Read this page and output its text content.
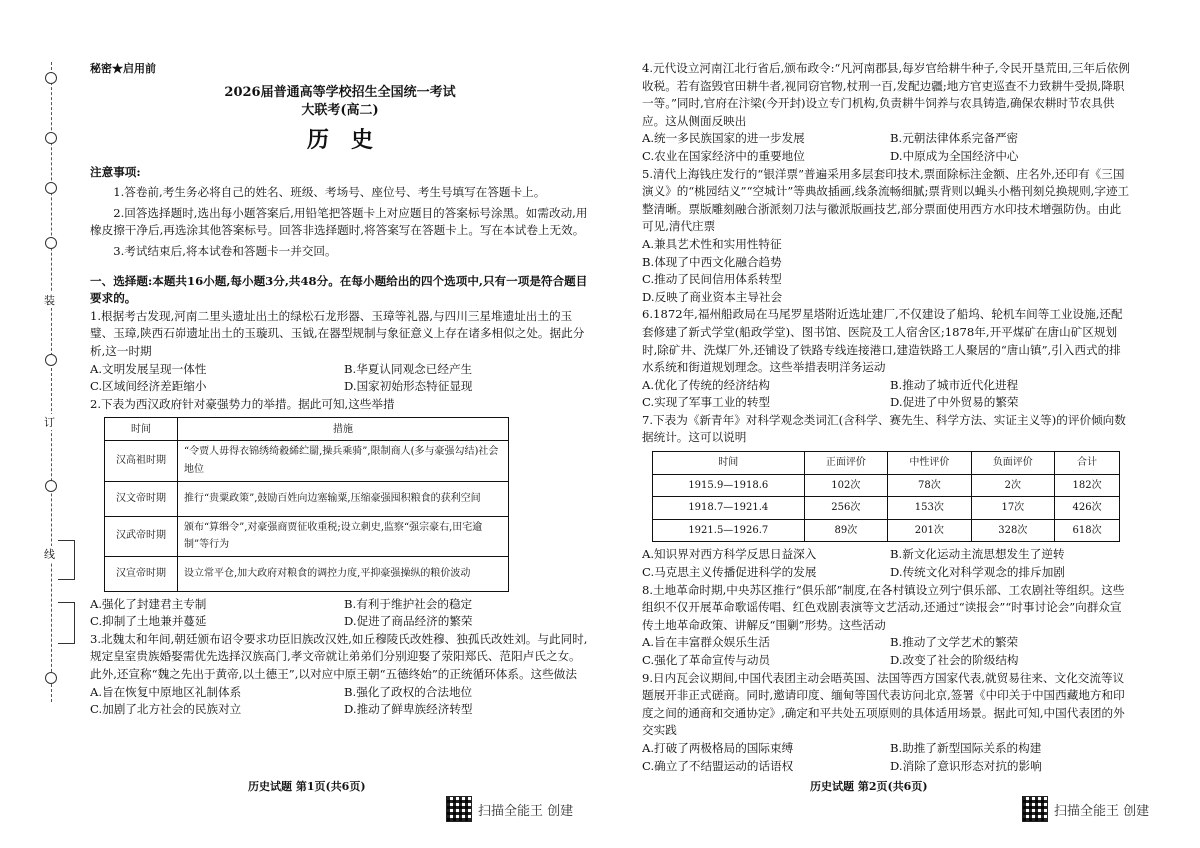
装
订
线
秘密★启用前
2026届普通高等学校招生全国统一考试
大联考(高二)
历史
注意事项:
1.答卷前,考生务必将自己的姓名、班级、考场号、座位号、考生号填写在答题卡上。
2.回答选择题时,选出每小题答案后,用铅笔把答题卡上对应题目的答案标号涂黑。如需改动,用橡皮擦干净后,再选涂其他答案标号。回答非选择题时,将答案写在答题卡上。写在本试卷上无效。
3.考试结束后,将本试卷和答题卡一并交回。
一、选择题:本题共16小题,每小题3分,共48分。在每小题给出的四个选项中,只有一项是符合题目要求的。
1.根据考古发现,河南二里头遗址出土的绿松石龙形器、玉璋等礼器,与四川三星堆遗址出土的玉璧、玉璋,陕西石峁遗址出土的玉璇玑、玉钺,在器型规制与象征意义上存在诸多相似之处。据此分析,这一时期
A.文明发展呈现一体性	B.华夏认同观念已经产生
C.区域间经济差距缩小	D.国家初始形态特征显现
2.下表为西汉政府针对豪强势力的举措。据此可知,这些举措
时间	措施
汉高祖时期	“令贾人毋得衣锦绣绮縠絺纻罽,操兵乘骑”,限制商人(多与豪强勾结)社会地位
汉文帝时期	推行“贵粟政策”,鼓励百姓向边塞输粟,压缩豪强囤积粮食的获利空间
汉武帝时期	颁布“算缗令”,对豪强商贾征收重税;设立刺史,监察“强宗豪右,田宅逾制”等行为
汉宣帝时期	设立常平仓,加大政府对粮食的调控力度,平抑豪强操纵的粮价波动
A.强化了封建君主专制	B.有利于维护社会的稳定
C.抑制了土地兼并蔓延	D.促进了商品经济的繁荣
3.北魏太和年间,朝廷颁布诏令要求功臣旧族改汉姓,如丘穆陵氏改姓穆、独孤氏改姓刘。与此同时,规定皇室贵族婚娶需优先选择汉族高门,孝文帝就让弟弟们分别迎娶了荥阳郑氏、范阳卢氏之女。此外,还宣称“魏之先出于黄帝,以土德王”,以对应中原王朝“五德终始”的正统循环体系。这些做法
A.旨在恢复中原地区礼制体系	B.强化了政权的合法地位
C.加剧了北方社会的民族对立	D.推动了鲜卑族经济转型
历史试题 第1页(共6页)
4.元代设立河南江北行省后,颁布政令:“凡河南郡县,每岁官给耕牛种子,令民开垦荒田,三年后依例收税。若有盗毁官田耕牛者,视同窃官物,杖刑一百,发配边疆;地方官吏巡查不力致耕牛受损,降职一等。”同时,官府在汴梁(今开封)设立专门机构,负责耕牛饲养与农具铸造,确保农耕时节农具供应。这从侧面反映出
A.统一多民族国家的进一步发展	B.元朝法律体系完备严密
C.农业在国家经济中的重要地位	D.中原成为全国经济中心
5.清代上海钱庄发行的“银洋票”普遍采用多层套印技术,票面除标注金额、庄名外,还印有《三国演义》的“桃园结义”“空城计”等典故插画,线条流畅细腻;票背则以蝇头小楷刊刻兑换规则,字迹工整清晰。票版雕刻融合浙派刻刀法与徽派版画技艺,部分票面使用西方水印技术增强防伪。由此可见,清代庄票
A.兼具艺术性和实用性特征
B.体现了中西文化融合趋势
C.推动了民间信用体系转型
D.反映了商业资本主导社会
6.1872年,福州船政局在马尾罗星塔附近选址建厂,不仅建设了船坞、轮机车间等工业设施,还配套修建了新式学堂(船政学堂)、图书馆、医院及工人宿舍区;1878年,开平煤矿在唐山矿区规划时,除矿井、洗煤厂外,还铺设了铁路专线连接港口,建造铁路工人聚居的“唐山镇”,引入西式的排水系统和街道规划理念。这些举措表明洋务运动
A.优化了传统的经济结构	B.推动了城市近代化进程
C.实现了军事工业的转型	D.促进了中外贸易的繁荣
7.下表为《新青年》对科学观念类词汇(含科学、赛先生、科学方法、实证主义等)的评价倾向数据统计。这可以说明
时间	正面评价	中性评价	负面评价	合计
1915.9—1918.6	102次	78次	2次	182次
1918.7—1921.4	256次	153次	17次	426次
1921.5—1926.7	89次	201次	328次	618次
A.知识界对西方科学反思日益深入	B.新文化运动主流思想发生了逆转
C.马克思主义传播促进科学的发展	D.传统文化对科学观念的排斥加剧
8.土地革命时期,中央苏区推行“俱乐部”制度,在各村镇设立列宁俱乐部、工农剧社等组织。这些组织不仅开展革命歌谣传唱、红色戏剧表演等文艺活动,还通过“读报会”“时事讨论会”向群众宣传土地革命政策、讲解反“围剿”形势。这些活动
A.旨在丰富群众娱乐生活	B.推动了文学艺术的繁荣
C.强化了革命宣传与动员	D.改变了社会的阶级结构
9.日内瓦会议期间,中国代表团主动会晤英国、法国等西方国家代表,就贸易往来、文化交流等议题展开非正式磋商。同时,邀请印度、缅甸等国代表访问北京,签署《中印关于中国西藏地方和印度之间的通商和交通协定》,确定和平共处五项原则的具体适用场景。据此可知,中国代表团的外交实践
A.打破了两极格局的国际束缚	B.助推了新型国际关系的构建
C.确立了不结盟运动的话语权	D.消除了意识形态对抗的影响
历史试题 第2页(共6页)
扫描全能王 创建	扫描全能王 创建
